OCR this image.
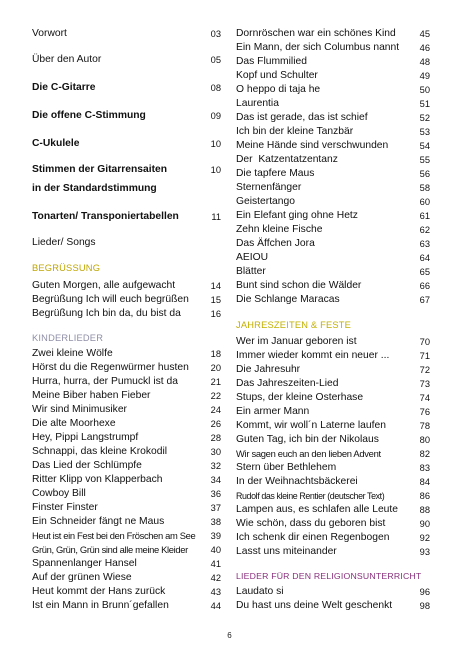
Vorwort	03
Über den Autor	05
Die C-Gitarre	08
Die offene C-Stimmung	09
C-Ukulele	10
Stimmen der Gitarrensaiten	10
in der Standardstimmung
Tonarten/ Transponiertabellen	11
Lieder/ Songs
BEGRÜSSUNG
Guten Morgen, alle aufgewacht	14
Begrüßung Ich will euch begrüßen 15
Begrüßung Ich bin da, du bist da	16
KINDERLIEDER
Zwei kleine Wölfe	18
Hörst du die Regenwürmer husten 20
Hurra, hurra, der Pumuckl ist da	21
Meine Biber haben Fieber	22
Wir sind Minimusiker	24
Die alte Moorhexe	26
Hey, Pippi Langstrumpf	28
Schnappi, das kleine Krokodil	30
Das Lied der Schlümpfe	32
Ritter Klipp von Klapperbach	34
Cowboy Bill	36
Finster Finster	37
Ein Schneider fängt ne Maus	38
Heut ist ein Fest bei den Fröschen am See 39
Grün, Grün, Grün sind alle meine Kleider 40
Spannenlanger Hansel	41
Auf der grünen Wiese	42
Heut kommt der Hans zurück	43
Ist ein Mann in Brunn´gefallen	44
Dornröschen war ein schönes Kind	45
Ein Mann, der sich Columbus nannt 46
Das Flummilied	48
Kopf und Schulter	49
O heppo di taja he	50
Laurentia	51
Das ist gerade, das ist schief	52
Ich bin der kleine Tanzbär	53
Meine Hände sind verschwunden	54
Der  Katzentatzentanz	55
Die tapfere Maus	56
Sternenfänger	58
Geistertango	60
Ein Elefant ging ohne Hetz	61
Zehn kleine Fische	62
Das Äffchen Jora	63
AEIOU	64
Blätter	65
Bunt sind schon die Wälder	66
Die Schlange Maracas	67
JAHRESZEITEN & FESTE
Wer im Januar geboren ist	70
Immer wieder kommt ein neuer ...	71
Die Jahresuhr	72
Das Jahreszeiten-Lied	73
Stups, der kleine Osterhase	74
Ein armer Mann	76
Kommt, wir woll´n Laterne laufen	78
Guten Tag, ich bin der Nikolaus	80
Wir sagen euch an den lieben Advent	82
Stern über Bethlehem	83
In der Weihnachtsbäckerei	84
Rudolf das kleine Rentier (deutscher Text)	86
Lampen aus, es schlafen alle Leute 88
Wie schön, dass du geboren bist	90
Ich schenk dir einen Regenbogen	92
Lasst uns miteinander	93
LIEDER FÜR DEN RELIGIONSUNTERRICHT
Laudato si	96
Du hast uns deine Welt geschenkt	98
6
